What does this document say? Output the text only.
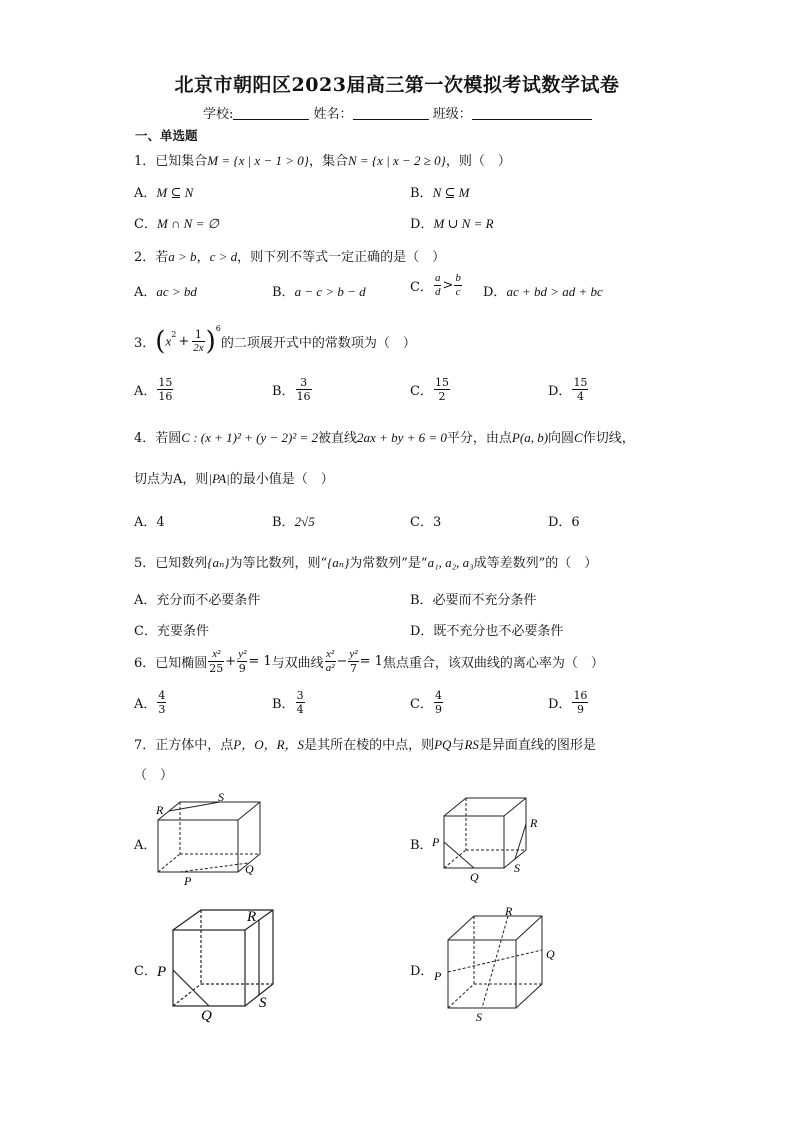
北京市朝阳区2023届高三第一次模拟考试数学试卷
学校:	姓名：	班级：
一、单选题
1．已知集合M = {x | x − 1 > 0}，集合N = {x | x − 2 ≥ 0}，则（　）
A．M ⊆ N	B．N ⊆ M
C．M ∩ N = ∅	D．M ∪ N = R
2．若a > b，c > d，则下列不等式一定正确的是（　）
A．ac > bd	B．a − c > b − d	C． $\frac{a}{d} > \frac{b}{c}$ D．ac + bd > ad + bc
3．$(x^2 + \frac{1}{2x} )^6$的二项展开式中的常数项为（　）
A． $\frac{15}{16}$	B． $\frac{3}{16}$	C． $\frac{15}{2}$	D． $\frac{15}{4}$
4．若圆C : (x + 1)² + (y − 2)² = 2被直线2ax + by + 6 = 0平分，由点P(a, b)向圆C作切线，
切点为A，则|PA|的最小值是（　）
A．4	B．2√5	C．3	D．6
5．已知数列{aₙ}为等比数列，则“{aₙ}为常数列”是“a₁, a₂, a₃成等差数列”的（　）
A．充分而不必要条件	B．必要而不充分条件
C．充要条件	D．既不充分也不必要条件
6．已知椭圆 $\frac{\text{x²}}{25} + \frac{\text{y²}}{9} = 1$与双曲线 $\frac{\text{x²}}{\text{a²}} - \frac{\text{y²}}{7} = 1$焦点重合，该双曲线的离心率为（　）
A． $\frac{4}{3}$	B． $\frac{3}{4}$	C． $\frac{4}{9}$	D． $\frac{16}{9}$
7．正方体中，点P，O，R，S是其所在棱的中点，则PQ与RS是异面直线的图形是
（　）
A．	B．
C．	D．
R
S
P
Q
R
P
Q
S
R
P
Q
S
R
Q
P
S
